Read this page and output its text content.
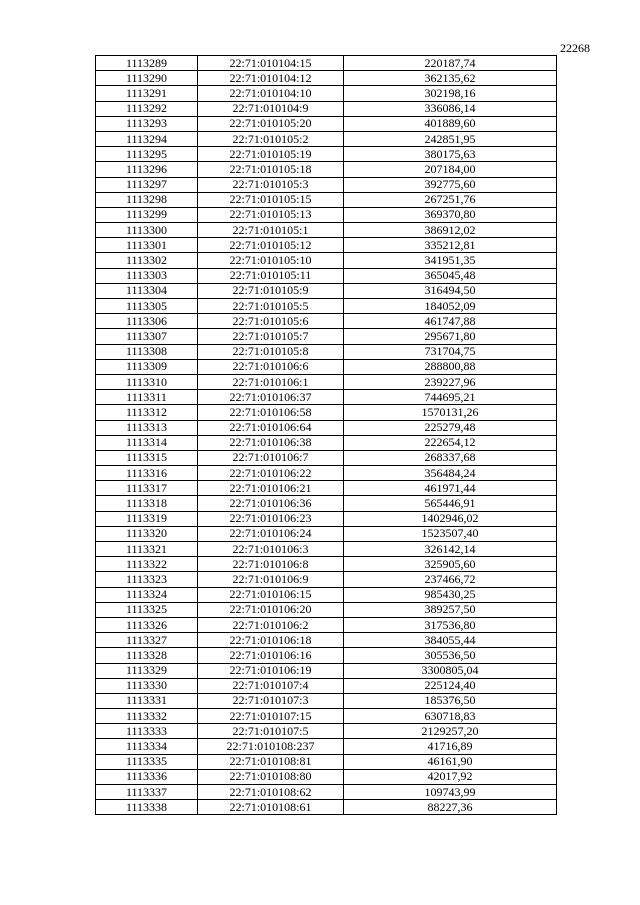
22268
1113289	22:71:010104:15	220187,74
1113290	22:71:010104:12	362135,62
1113291	22:71:010104:10	302198,16
1113292	22:71:010104:9	336086,14
1113293	22:71:010105:20	401889,60
1113294	22:71:010105:2	242851,95
1113295	22:71:010105:19	380175,63
1113296	22:71:010105:18	207184,00
1113297	22:71:010105:3	392775,60
1113298	22:71:010105:15	267251,76
1113299	22:71:010105:13	369370,80
1113300	22:71:010105:1	386912,02
1113301	22:71:010105:12	335212,81
1113302	22:71:010105:10	341951,35
1113303	22:71:010105:11	365045,48
1113304	22:71:010105:9	316494,50
1113305	22:71:010105:5	184052,09
1113306	22:71:010105:6	461747,88
1113307	22:71:010105:7	295671,80
1113308	22:71:010105:8	731704,75
1113309	22:71:010106:6	288800,88
1113310	22:71:010106:1	239227,96
1113311	22:71:010106:37	744695,21
1113312	22:71:010106:58	1570131,26
1113313	22:71:010106:64	225279,48
1113314	22:71:010106:38	222654,12
1113315	22:71:010106:7	268337,68
1113316	22:71:010106:22	356484,24
1113317	22:71:010106:21	461971,44
1113318	22:71:010106:36	565446,91
1113319	22:71:010106:23	1402946,02
1113320	22:71:010106:24	1523507,40
1113321	22:71:010106:3	326142,14
1113322	22:71:010106:8	325905,60
1113323	22:71:010106:9	237466,72
1113324	22:71:010106:15	985430,25
1113325	22:71:010106:20	389257,50
1113326	22:71:010106:2	317536,80
1113327	22:71:010106:18	384055,44
1113328	22:71:010106:16	305536,50
1113329	22:71:010106:19	3300805,04
1113330	22:71:010107:4	225124,40
1113331	22:71:010107:3	185376,50
1113332	22:71:010107:15	630718,83
1113333	22:71:010107:5	2129257,20
1113334	22:71:010108:237	41716,89
1113335	22:71:010108:81	46161,90
1113336	22:71:010108:80	42017,92
1113337	22:71:010108:62	109743,99
1113338	22:71:010108:61	88227,36
